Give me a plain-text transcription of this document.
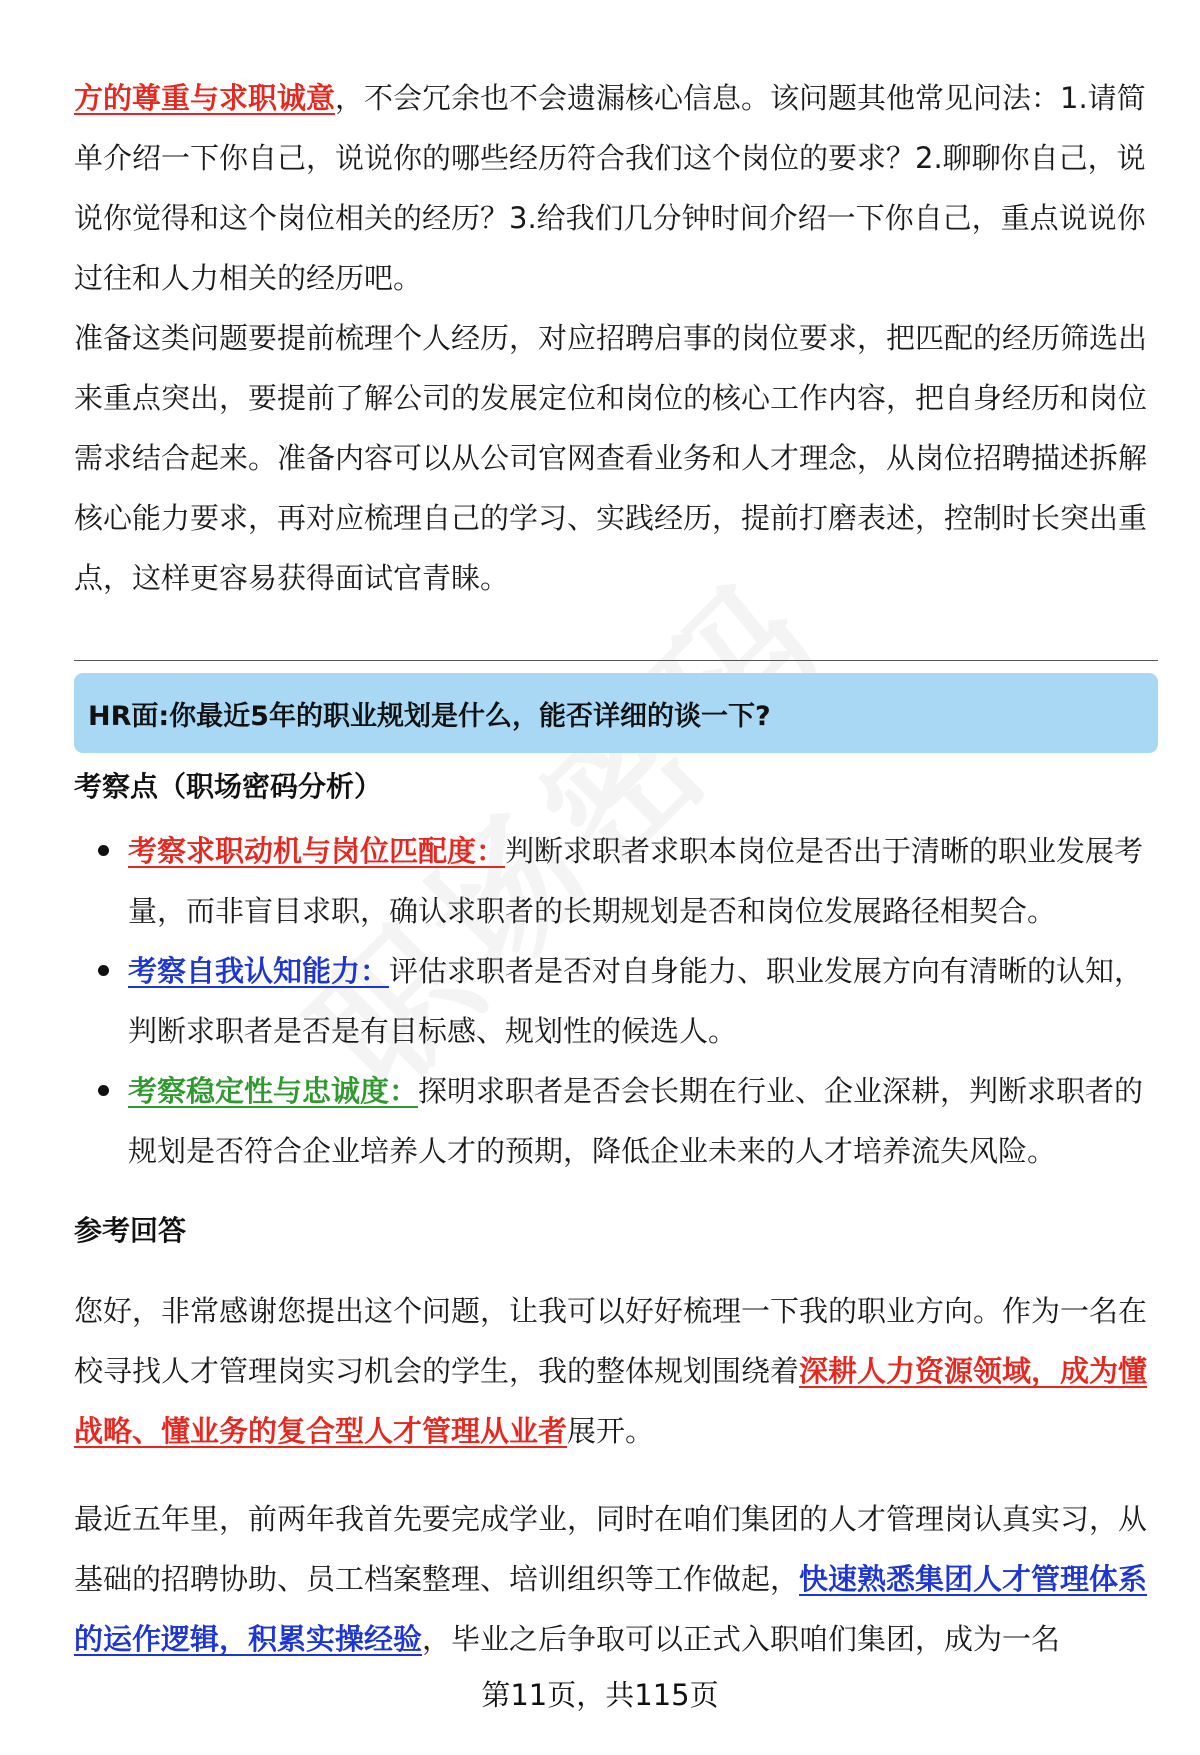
方的尊重与求职诚意，不会冗余也不会遗漏核心信息。该问题其他常见问法：1.请简单介绍一下你自己，说说你的哪些经历符合我们这个岗位的要求？2.聊聊你自己，说说你觉得和这个岗位相关的经历？3.给我们几分钟时间介绍一下你自己，重点说说你过往和人力相关的经历吧。

准备这类问题要提前梳理个人经历，对应招聘启事的岗位要求，把匹配的经历筛选出来重点突出，要提前了解公司的发展定位和岗位的核心工作内容，把自身经历和岗位需求结合起来。准备内容可以从公司官网查看业务和人才理念，从岗位招聘描述拆解核心能力要求，再对应梳理自己的学习、实践经历，提前打磨表述，控制时长突出重点，这样更容易获得面试官青睐。

HR面:你最近5年的职业规划是什么，能否详细的谈一下?
考察点（职场密码分析）
考察求职动机与岗位匹配度：判断求职者求职本岗位是否出于清晰的职业发展考量，而非盲目求职，确认求职者的长期规划是否和岗位发展路径相契合。
考察自我认知能力：评估求职者是否对自身能力、职业发展方向有清晰的认知，判断求职者是否是有目标感、规划性的候选人。
考察稳定性与忠诚度：探明求职者是否会长期在行业、企业深耕，判断求职者的规划是否符合企业培养人才的预期，降低企业未来的人才培养流失风险。
参考回答

您好，非常感谢您提出这个问题，让我可以好好梳理一下我的职业方向。作为一名在校寻找人才管理岗实习机会的学生，我的整体规划围绕着深耕人力资源领域，成为懂战略、懂业务的复合型人才管理从业者展开。

最近五年里，前两年我首先要完成学业，同时在咱们集团的人才管理岗认真实习，从基础的招聘协助、员工档案整理、培训组织等工作做起，快速熟悉集团人才管理体系的运作逻辑，积累实操经验，毕业之后争取可以正式入职咱们集团，成为一名

第11页，共115页
